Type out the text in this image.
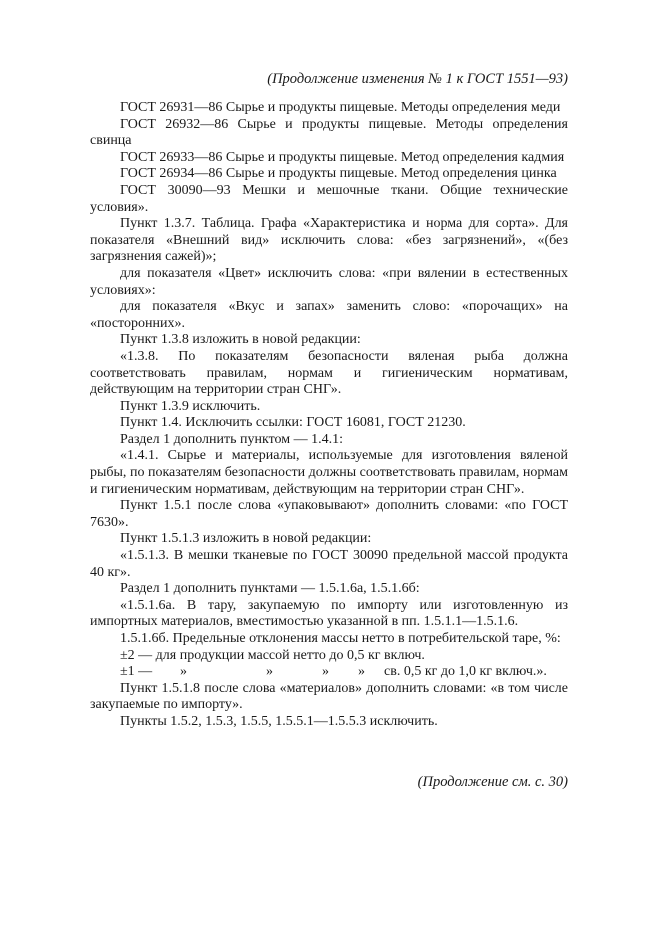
(Продолжение изменения № 1 к ГОСТ 1551—93)

ГОСТ 26931—86 Сырье и продукты пищевые. Методы определения меди

ГОСТ 26932—86 Сырье и продукты пищевые. Методы определения свинца

ГОСТ 26933—86 Сырье и продукты пищевые. Метод определения кадмия

ГОСТ 26934—86 Сырье и продукты пищевые. Метод определения цинка

ГОСТ 30090—93 Мешки и мешочные ткани. Общие технические условия».

Пункт 1.3.7. Таблица. Графа «Характеристика и норма для сорта». Для показателя «Внешний вид» исключить слова: «без загрязнений», «(без загрязнения сажей)»;

для показателя «Цвет» исключить слова: «при вялении в естественных условиях»:

для показателя «Вкус и запах» заменить слово: «порочащих» на «посторонних».

Пункт 1.3.8 изложить в новой редакции:

«1.3.8. По показателям безопасности вяленая рыба должна соответствовать правилам, нормам и гигиеническим нормативам, действующим на территории стран СНГ».

Пункт 1.3.9 исключить.

Пункт 1.4. Исключить ссылки: ГОСТ 16081, ГОСТ 21230.

Раздел 1 дополнить пунктом — 1.4.1:

«1.4.1. Сырье и материалы, используемые для изготовления вяленой рыбы, по показателям безопасности должны соответствовать правилам, нормам и гигиеническим нормативам, действующим на территории стран СНГ».

Пункт 1.5.1 после слова «упаковывают» дополнить словами: «по ГОСТ 7630».

Пункт 1.5.1.3 изложить в новой редакции:

«1.5.1.3. В мешки тканевые по ГОСТ 30090 предельной массой продукта 40 кг».

Раздел 1 дополнить пунктами — 1.5.1.6а, 1.5.1.6б:

«1.5.1.6а. В тару, закупаемую по импорту или изготовленную из импортных материалов, вместимостью указанной в пп. 1.5.1.1—1.5.1.6.

1.5.1.6б. Предельные отклонения массы нетто в потребительской таре, %:

±2 — для продукции массой нетто до 0,5 кг включ.

±1 —	»	»	»	»	св. 0,5 кг до 1,0 кг включ.».

Пункт 1.5.1.8 после слова «материалов» дополнить словами: «в том числе закупаемые по импорту».

Пункты 1.5.2, 1.5.3, 1.5.5, 1.5.5.1—1.5.5.3 исключить.

(Продолжение см. с. 30)
